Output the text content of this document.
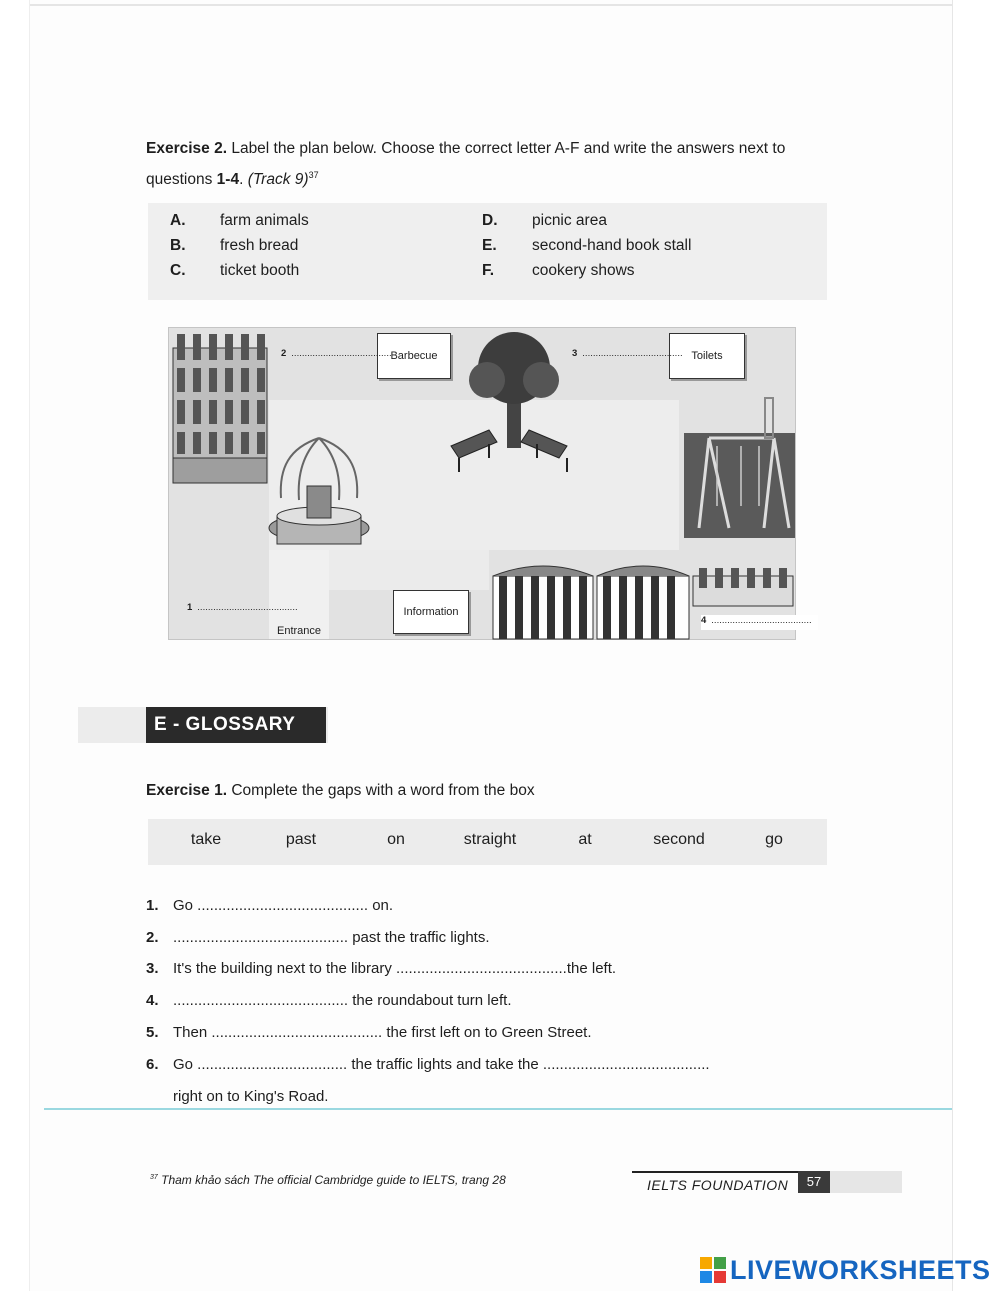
Exercise 2. Label the plan below. Choose the correct letter A-F and write the answers next to questions 1-4. (Track 9)$^{37}$
A. farm animals
B. fresh bread
C. ticket booth
D. picnic area
E. second-hand book stall
F. cookery shows
Barbecue	Toilets
Information
2 ......................................	3 ......................................
1 ......................................
4 ......................................
Entrance
E - GLOSSARY
Exercise 1. Complete the gaps with a word from the box
take	past	on	straight	at	second	go
1. Go ......................................... on.
2. .......................................... past the traffic lights.
3. It's the building next to the library .........................................the left.
4. .......................................... the roundabout turn left.
5. Then ......................................... the first left on to Green Street.
6. Go .................................... the traffic lights and take the ........................................
right on to King's Road.
$^{37}$ Tham khảo sách The official Cambridge guide to IELTS, trang 28	IELTS FOUNDATION	57
LIVEWORKSHEETS
